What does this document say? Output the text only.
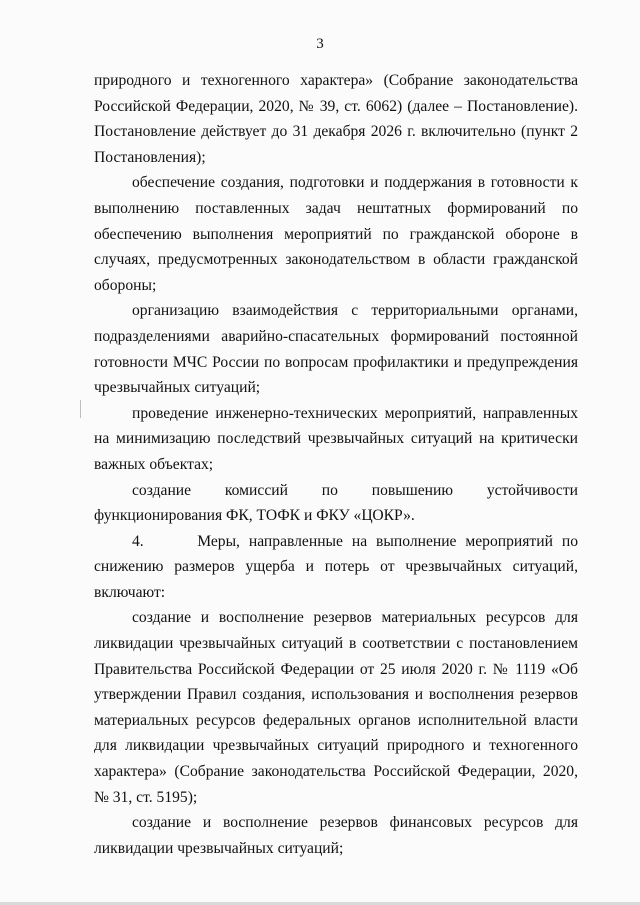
3

природного и техногенного характера» (Собрание законодательства Российской Федерации, 2020, № 39, ст. 6062) (далее – Постановление). Постановление действует до 31 декабря 2026 г. включительно (пункт 2 Постановления);

обеспечение создания, подготовки и поддержания в готовности к выполнению поставленных задач нештатных формирований по обеспечению выполнения мероприятий по гражданской обороне в случаях, предусмотренных законодательством в области гражданской обороны;

организацию взаимодействия с территориальными органами, подразделениями аварийно-спасательных формирований постоянной готовности МЧС России по вопросам профилактики и предупреждения чрезвычайных ситуаций;

проведение инженерно-технических мероприятий, направленных на минимизацию последствий чрезвычайных ситуаций на критически важных объектах;

создание комиссий по повышению устойчивости функционирования ФК, ТОФК и ФКУ «ЦОКР».

4.      Меры, направленные на выполнение мероприятий по снижению размеров ущерба и потерь от чрезвычайных ситуаций, включают:

создание и восполнение резервов материальных ресурсов для ликвидации чрезвычайных ситуаций в соответствии с постановлением Правительства Российской Федерации от 25 июля 2020 г. № 1119 «Об утверждении Правил создания, использования и восполнения резервов материальных ресурсов федеральных органов исполнительной власти для ликвидации чрезвычайных ситуаций природного и техногенного характера» (Собрание законодательства Российской Федерации, 2020, № 31, ст. 5195);

создание и восполнение резервов финансовых ресурсов для ликвидации чрезвычайных ситуаций;
